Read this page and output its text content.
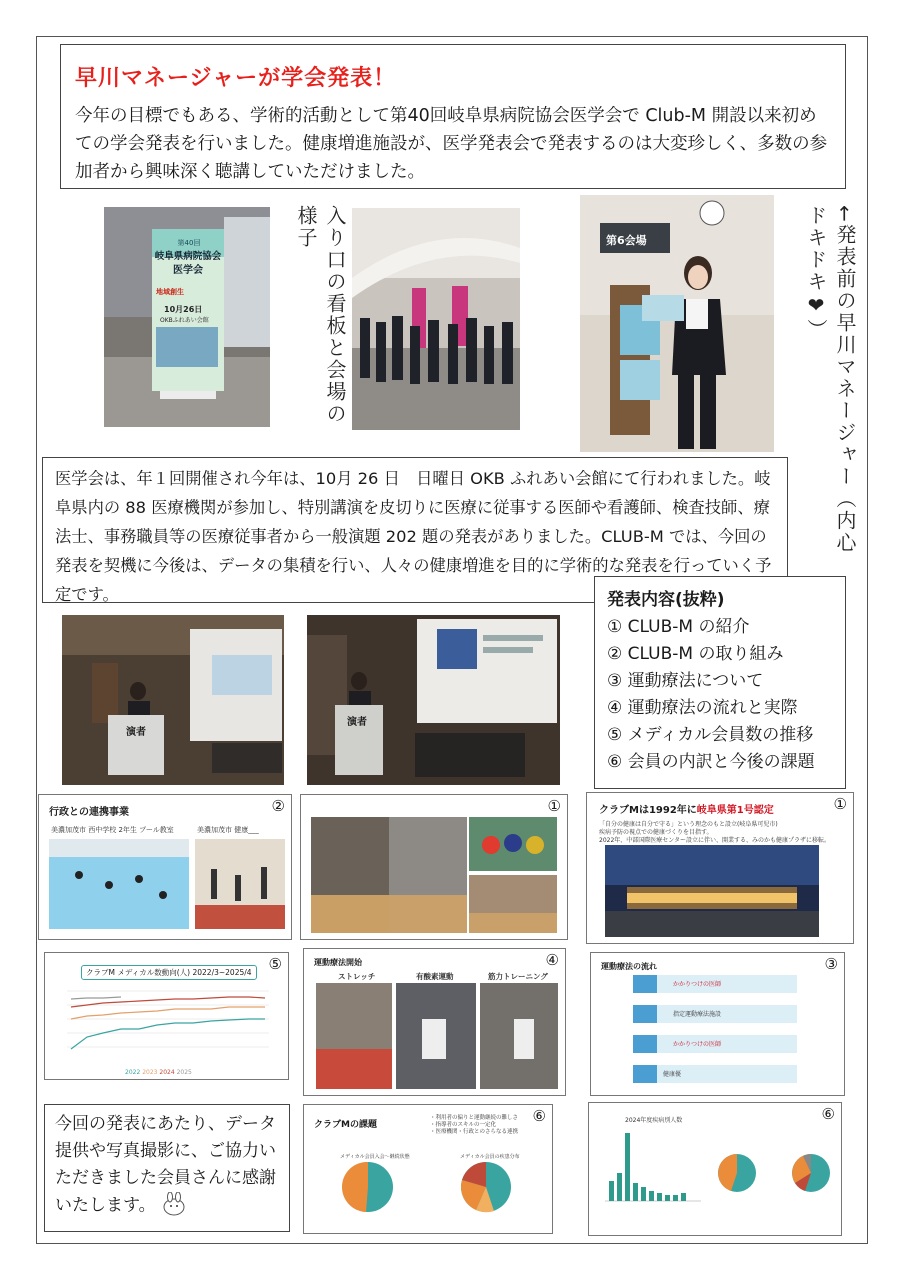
早川マネージャーが学会発表！
今年の目標でもある、学術的活動として第40回岐阜県病院協会医学会で Club-M 開設以来初めての学会発表を行いました。健康増進施設が、医学発表会で発表するのは大変珍しく、多数の参加者から興味深く聴講していただけました。
第40回
岐阜県病院協会
医学会
地域創生
10月26日
OKBふれあい会館	入り口の看板と会場の様子	第6会場	←発表前の早川マネージャー（内心ドキドキ❤）
医学会は、年１回開催され今年は、10月 26 日　日曜日 OKB ふれあい会館にて行われました。岐阜県内の 88 医療機関が参加し、特別講演を皮切りに医療に従事する医師や看護師、検査技師、療法士、事務職員等の医療従事者から一般演題 202 題の発表がありました。CLUB-M では、今回の発表を契機に今後は、データの集積を行い、人々の健康増進を目的に学術的な発表を行っていく予定です。	発表内容(抜粋)
① CLUB-M の紹介
② CLUB-M の取り組み
③ 運動療法について
④ 運動療法の流れと実際
⑤ メディカル会員数の推移
⑥ 会員の内訳と今後の課題
演者
演者
②
行政との連携事業
美濃加茂市 西中学校 2年生 プール教室	美濃加茂市 健康___
①	①
クラブMは1992年に岐阜県第1号認定
「自分の健康は自分で守る」という理念のもと設立(岐阜県可児市)
疾病予防の視点での健康づくりを目指す。
2022年、中部国際医療センター設立に伴い、開業する、みのかも健康プラザに移転。
⑤
クラブM メディカル数動向(人) 2022/3~2025/4
2022 2023 2024 2025
④
運動療法開始
ストレッチ	有酸素運動	筋力トレーニング
③
運動療法の流れ
かかりつけの医師
指定運動療法施設
かかりつけの医師
健康優
今回の発表にあたり、データ提供や写真撮影に、ご協力いただきました会員さんに感謝いたします。
⑥
クラブMの課題
・利用者の偏りと運動継続の難しさ
・指導者のスキルの一定化
・医療機関・行政とのさらなる連携
メディカル会員入会～継続状態	メディカル会員の疾患分布
⑥
2024年度疾病別人数
